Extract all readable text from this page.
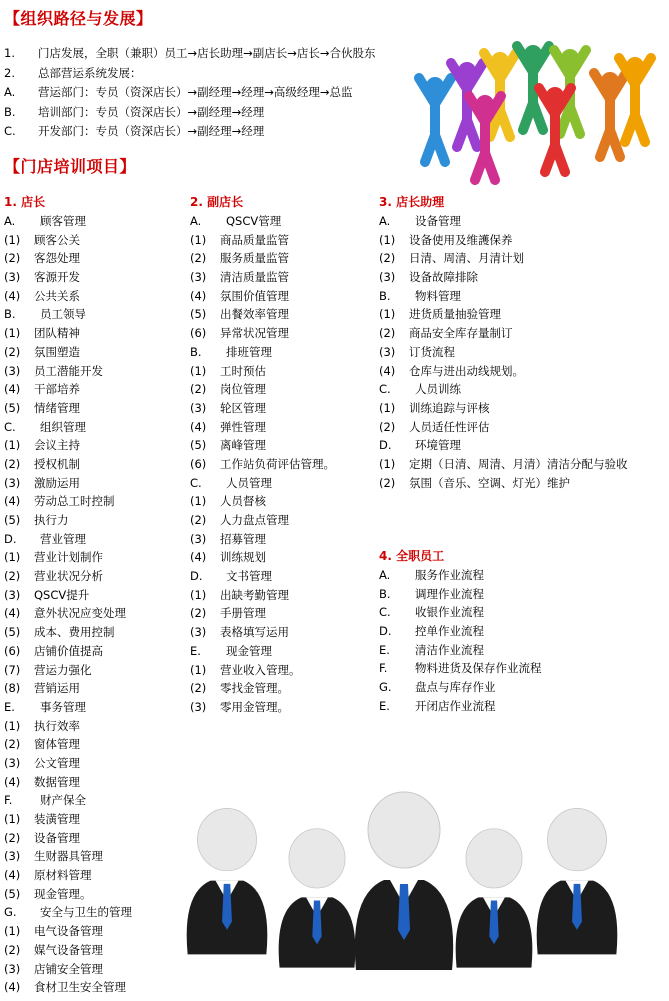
【组织路径与发展】
1. 门店发展，全职（兼职）员工→店长助理→副店长→店长→合伙股东
2. 总部营运系统发展：
A. 营运部门：专员（资深店长）→副经理→经理→高级经理→总监
B. 培训部门：专员（资深店长）→副经理→经理
C. 开发部门：专员（资深店长）→副经理→经理
【门店培训项目】
1. 店长
A. 顾客管理
(1) 顾客公关
(2) 客怨处理
(3) 客源开发
(4) 公共关系
B. 员工领导
(1) 团队精神
(2) 氛围塑造
(3) 员工潜能开发
(4) 干部培养
(5) 情绪管理
C. 组织管理
(1) 会议主持
(2) 授权机制
(3) 激励运用
(4) 劳动总工时控制
(5) 执行力
D. 营业管理
(1) 营业计划制作
(2) 营业状况分析
(3) QSCV提升
(4) 意外状况应变处理
(5) 成本、费用控制
(6) 店铺价值提高
(7) 营运力强化
(8) 营销运用
E. 事务管理
(1) 执行效率
(2) 窗体管理
(3) 公文管理
(4) 数据管理
F. 财产保全
(1) 装潢管理
(2) 设备管理
(3) 生财器具管理
(4) 原材料管理
(5) 现金管理。
G. 安全与卫生的管理
(1) 电气设备管理
(2) 媒气设备管理
(3) 店铺安全管理
(4) 食材卫生安全管理
2. 副店长
A. QSCV管理
(1) 商品质量监管
(2) 服务质量监管
(3) 清洁质量监管
(4) 氛围价值管理
(5) 出餐效率管理
(6) 异常状况管理
B. 排班管理
(1) 工时预估
(2) 岗位管理
(3) 轮区管理
(4) 弹性管理
(5) 离峰管理
(6) 工作站负荷评估管理。
C. 人员管理
(1) 人员督核
(2) 人力盘点管理
(3) 招募管理
(4) 训练规划
D. 文书管理
(1) 出缺考勤管理
(2) 手册管理
(3) 表格填写运用
E. 现金管理
(1) 营业收入管理。
(2) 零找金管理。
(3) 零用金管理。
3. 店长助理
A. 设备管理
(1) 设备使用及维護保养
(2) 日清、周清、月清计划
(3) 设备故障排除
B. 物料管理
(1) 进货质量抽验管理
(2) 商品安全库存量制订
(3) 订货流程
(4) 仓库与进出动线规划。
C. 人员训练
(1) 训练追踪与评核
(2) 人员适任性评估
D. 环境管理
(1) 定期（日清、周清、月清）清洁分配与验收
(2) 氛围（音乐、空调、灯光）维护
4. 全职员工
A. 服务作业流程
B. 调理作业流程
C. 收银作业流程
D. 控单作业流程
E. 清洁作业流程
F. 物料进货及保存作业流程
G. 盘点与库存作业
E. 开闭店作业流程
